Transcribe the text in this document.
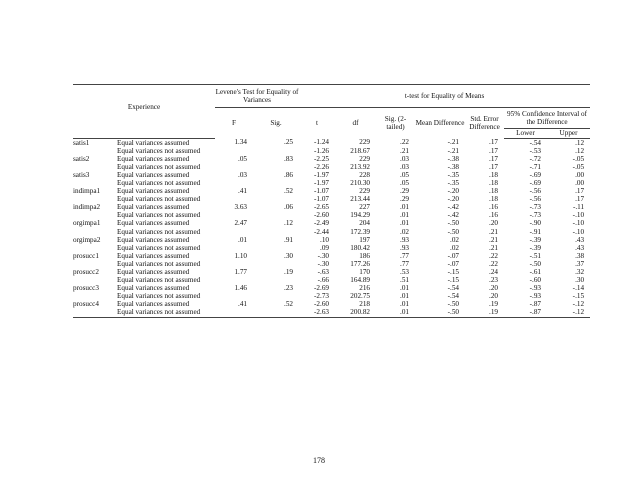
Experience		Levene's Test for Equality of Variances		t-test for Equality of Means						
		F	Sig.	t	df	Sig. (2-tailed)	Mean Difference	Std. Error Difference	95% Confidence Interval of the Difference	
									Lower	Upper
satis1	Equal variances assumed	1.34	.25	-1.24	229	.22	-.21	.17	-.54	.12
	Equal variances not assumed			-1.26	218.67	.21	-.21	.17	-.53	.12
satis2	Equal variances assumed	.05	.83	-2.25	229	.03	-.38	.17	-.72	-.05
	Equal variances not assumed			-2.26	213.92	.03	-.38	.17	-.71	-.05
satis3	Equal variances assumed	.03	.86	-1.97	228	.05	-.35	.18	-.69	.00
	Equal variances not assumed			-1.97	210.30	.05	-.35	.18	-.69	.00
indimpa1	Equal variances assumed	.41	.52	-1.07	229	.29	-.20	.18	-.56	.17
	Equal variances not assumed			-1.07	213.44	.29	-.20	.18	-.56	.17
indimpa2	Equal variances assumed	3.63	.06	-2.65	227	.01	-.42	.16	-.73	-.11
	Equal variances not assumed			-2.60	194.29	.01	-.42	.16	-.73	-.10
orgimpa1	Equal variances assumed	2.47	.12	-2.49	204	.01	-.50	.20	-.90	-.10
	Equal variances not assumed			-2.44	172.39	.02	-.50	.21	-.91	-.10
orgimpa2	Equal variances assumed	.01	.91	.10	197	.93	.02	.21	-.39	.43
	Equal variances not assumed			.09	180.42	.93	.02	.21	-.39	.43
prosucc1	Equal variances assumed	1.10	.30	-.30	186	.77	-.07	.22	-.51	.38
	Equal variances not assumed			-.30	177.26	.77	-.07	.22	-.50	.37
prosucc2	Equal variances assumed	1.77	.19	-.63	170	.53	-.15	.24	-.61	.32
	Equal variances not assumed			-.66	164.89	.51	-.15	.23	-.60	.30
prosucc3	Equal variances assumed	1.46	.23	-2.69	216	.01	-.54	.20	-.93	-.14
	Equal variances not assumed			-2.73	202.75	.01	-.54	.20	-.93	-.15
prosucc4	Equal variances assumed	.41	.52	-2.60	218	.01	-.50	.19	-.87	-.12
	Equal variances not assumed			-2.63	200.82	.01	-.50	.19	-.87	-.12
178
